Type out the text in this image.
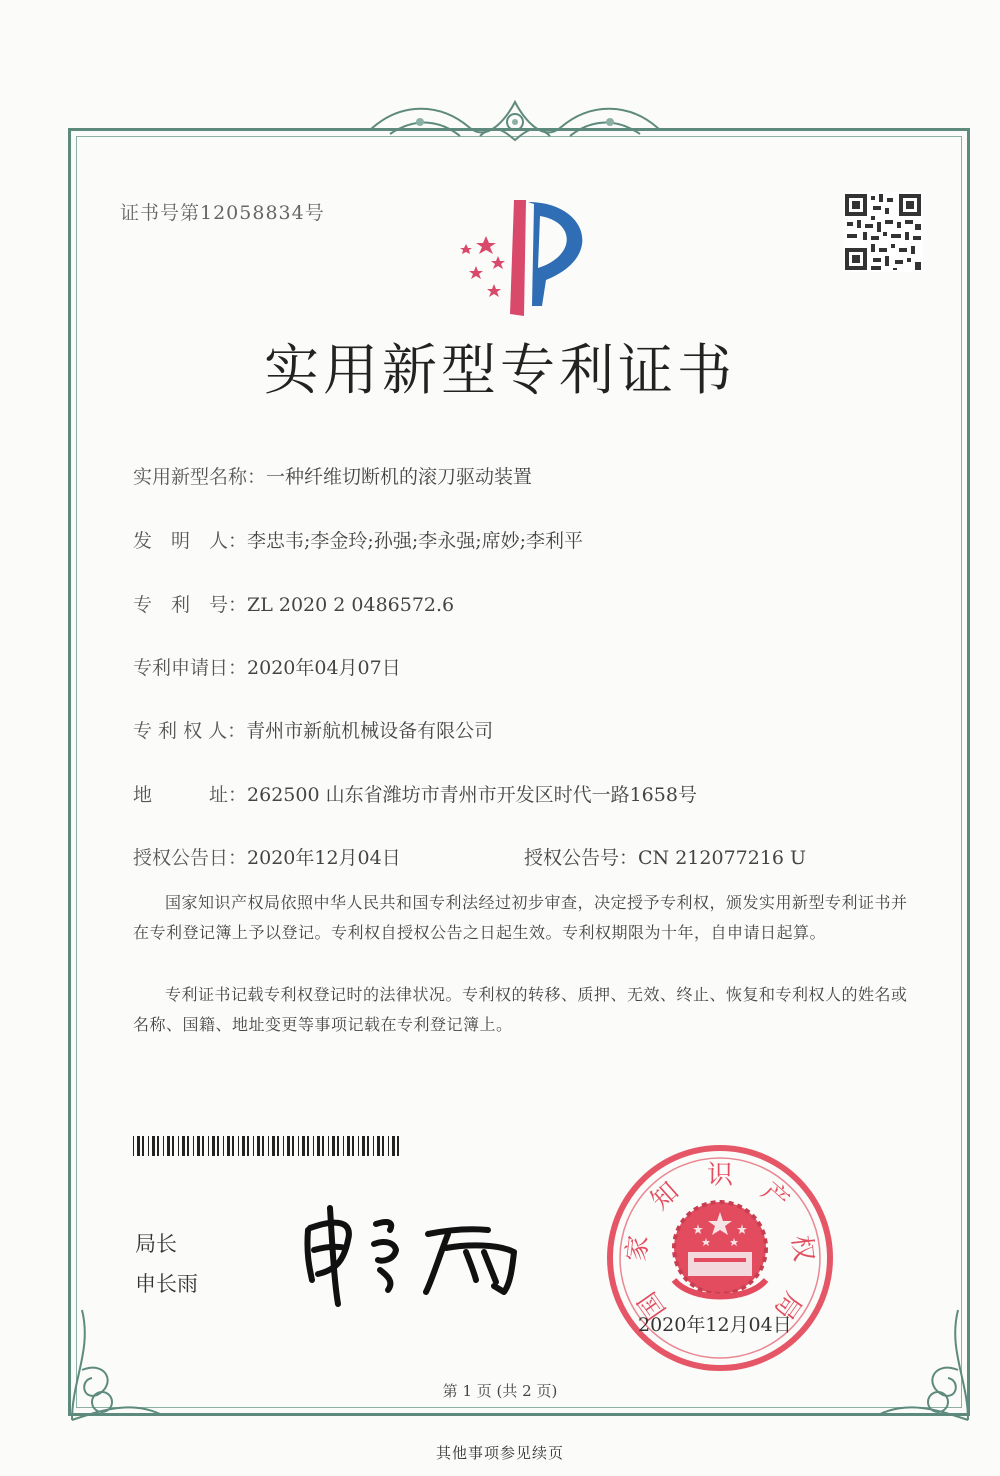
证书号第12058834号
实用新型专利证书
实用新型名称：一种纤维切断机的滚刀驱动装置
发　明　人：李忠韦;李金玲;孙强;李永强;席妙;李利平
专　利　号：ZL 2020 2 0486572.6
专利申请日：2020年04月07日
专 利 权 人：青州市新航机械设备有限公司
地　　　址：262500 山东省潍坊市青州市开发区时代一路1658号
授权公告日：2020年12月04日	授权公告号：CN 212077216 U
国家知识产权局依照中华人民共和国专利法经过初步审查，决定授予专利权，颁发实用新型专利证书并在专利登记簿上予以登记。专利权自授权公告之日起生效。专利权期限为十年，自申请日起算。
专利证书记载专利权登记时的法律状况。专利权的转移、质押、无效、终止、恢复和专利权人的姓名或名称、国籍、地址变更等事项记载在专利登记簿上。
局长
申长雨
国
家
知
识
产
权
局
2020年12月04日
第 1 页 (共 2 页)
其他事项参见续页
